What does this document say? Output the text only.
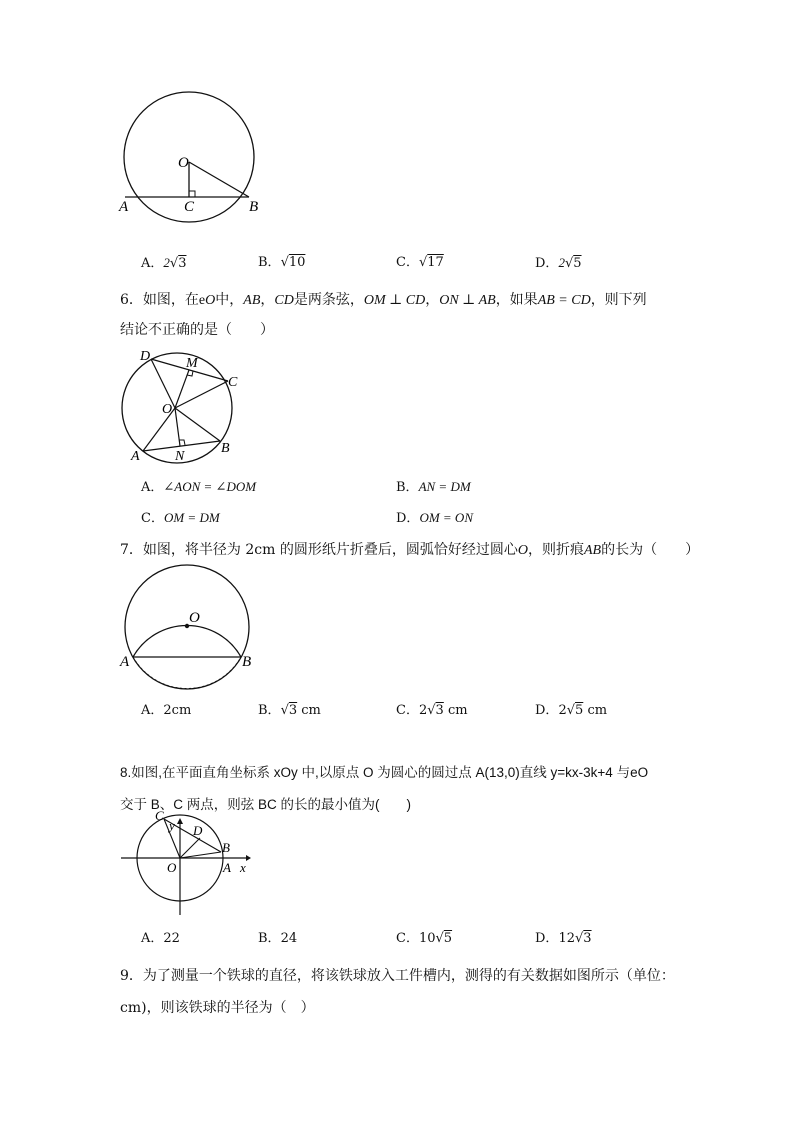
O
A	C	B
A．2√3	B．√10	C．√17	D．2√5
6．如图，在eO中，AB，CD是两条弦，OM ⊥ CD，ON ⊥ AB，如果AB = CD，则下列
结论不正确的是（　　）
D	M
C
O
A	N
B
A．∠AON = ∠DOM	B．AN = DM
C．OM = DM	D．OM = ON
7．如图，将半径为 2cm 的圆形纸片折叠后，圆弧恰好经过圆心O，则折痕AB的长为（　　）
O
A	B
A．2cm	B．√3 cm	C．2√3 cm	D．2√5 cm
8.如图,在平面直角坐标系 xOy 中,以原点 O 为圆心的圆过点 A(13,0)直线 y=kx-3k+4 与eO
交于 B、C 两点，则弦 BC 的长的最小值为(　　)
y
x
C
D
B
O	A
A．22	B．24	C．10√5	D．12√3
9．为了测量一个铁球的直径，将该铁球放入工件槽内，测得的有关数据如图所示（单位：
cm)，则该铁球的半径为（　）
